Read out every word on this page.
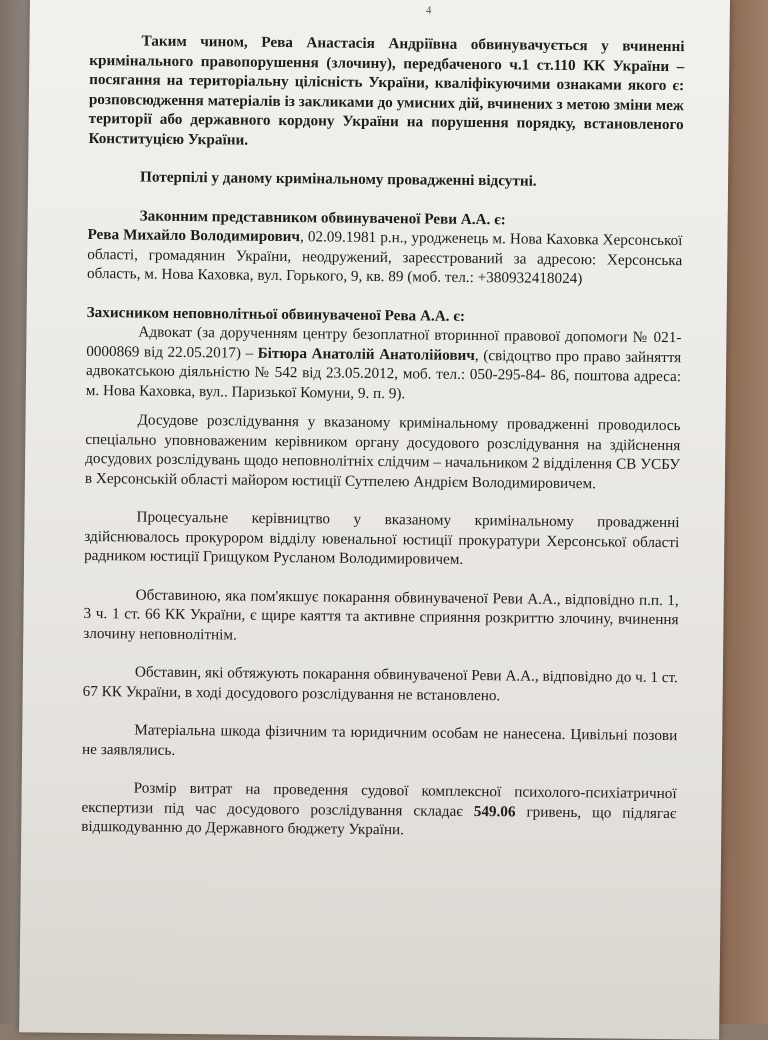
4

Таким чином, Рева Анастасія Андріївна обвинувачується у вчиненні кримінального правопорушення (злочину), передбаченого ч.1 ст.110 КК України – посягання на територіальну цілісність України, кваліфікуючими ознаками якого є: розповсюдження матеріалів із закликами до умисних дій, вчинених з метою зміни меж території або державного кордону України на порушення порядку, встановленого Конституцією України.

Потерпілі у даному кримінальному провадженні відсутні.

Законним представником обвинуваченої Реви А.А. є:

Рева Михайло Володимирович, 02.09.1981 р.н., уродженець м. Нова Каховка Херсонської області, громадянин України, неодружений, зареєстрований за адресою: Херсонська область, м. Нова Каховка, вул. Горького, 9, кв. 89 (моб. тел.: +380932418024)

Захисником неповнолітньої обвинуваченої Рева А.А. є:

Адвокат (за дорученням центру безоплатної вторинної правової допомоги № 021-0000869 від 22.05.2017) – Бітюра Анатолій Анатолійович, (свідоцтво про право зайняття адвокатською діяльністю № 542 від 23.05.2012, моб. тел.: 050-295-84- 86, поштова адреса: м. Нова Каховка, вул.. Паризької Комуни, 9. п. 9).

Досудове розслідування у вказаному кримінальному провадженні проводилось спеціально уповноваженим керівником органу досудового розслідування на здійснення досудових розслідувань щодо неповнолітніх слідчим – начальником 2 відділення СВ УСБУ в Херсонській області майором юстиції Сутпелею Андрієм Володимировичем.

Процесуальне керівництво у вказаному кримінальному провадженні здійснювалось прокурором відділу ювенальної юстиції прокуратури Херсонської області радником юстиції Грищуком Русланом Володимировичем.

Обставиною, яка пом'якшує покарання обвинуваченої Реви А.А., відповідно п.п. 1, 3 ч. 1 ст. 66 КК України, є щире каяття та активне сприяння розкриттю злочину, вчинення злочину неповнолітнім.

Обставин, які обтяжують покарання обвинуваченої Реви А.А., відповідно до ч. 1 ст. 67 КК України, в ході досудового розслідування не встановлено.

Матеріальна шкода фізичним та юридичним особам не нанесена. Цивільні позови не заявлялись.

Розмір витрат на проведення судової комплексної психолого-психіатричної експертизи під час досудового розслідування складає 549.06 гривень, що підлягає відшкодуванню до Державного бюджету України.
